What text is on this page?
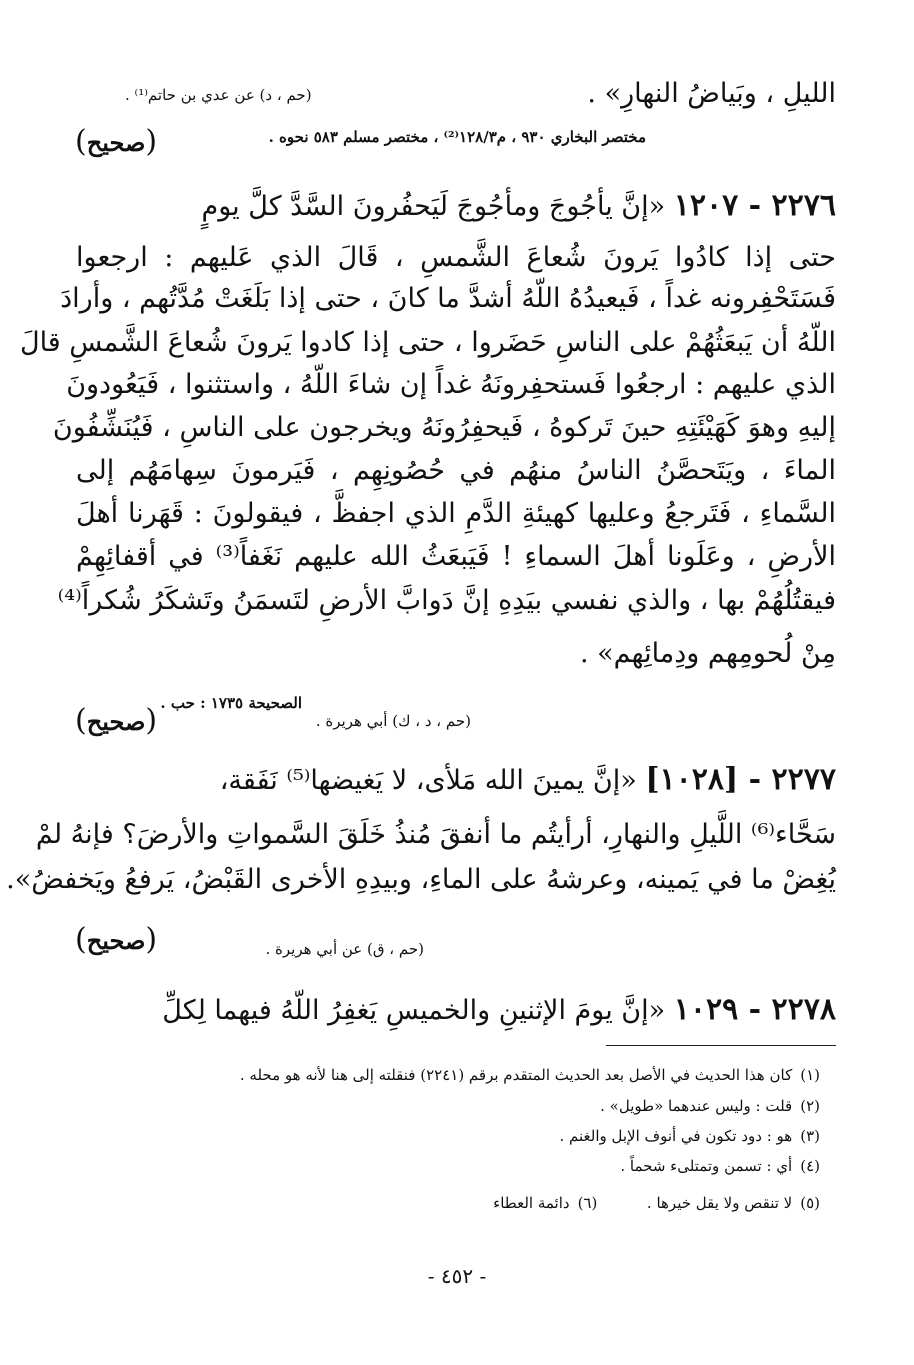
الليلِ ، وبَياضُ النهارِ» .
(حم ، د) عن عدي بن حاتم⁽¹⁾ .
مختصر البخاري ٩٣٠ ، م١٢٨/٣⁽²⁾ ، مختصر مسلم ٥٨٣ نحوه .
(صحيح)
٢٢٧٦ - ١٢٠٧ «إنَّ يأجُوجَ ومأجُوجَ لَيَحفُرونَ السَّدَّ كلَّ يومٍ
حتى إذا كادُوا يَرونَ شُعاعَ الشَّمسِ ، قَالَ الذي عَليهم : ارجعوا
فَسَتَحْفِرونه غداً ، فَيعيدُهُ اللّهُ أشدَّ ما كانَ ، حتى إذا بَلَغَتْ مُدَّتُهم ، وأرادَ
اللّهُ أن يَبعَثُهُمْ على الناسِ حَضَروا ، حتى إذا كادوا يَرونَ شُعاعَ الشَّمسِ قالَ
الذي عليهم : ارجعُوا فَستحفِرونَهُ غداً إن شاءَ اللّهُ ، واستثنوا ، فَيَعُودونَ
إليهِ وهوَ كَهَيْئَتِهِ حينَ تَركوهُ ، فَيحفِرُونَهُ ويخرجون على الناسِ ، فَيُنَشِّفُونَ
الماءَ ، ويَتَحصَّنُ الناسُ منهُم في حُصُونِهِم ، فَيَرمونَ سِهامَهُم إلى
السَّماءِ ، فَتَرجعُ وعليها كهيئةِ الدَّمِ الذي اجفظَّ ، فيقولونَ : قَهَرنا أهلَ
الأرضِ ، وعَلَونا أهلَ السماءِ ! فَيَبعَثُ الله عليهم نَغَفاً⁽³⁾ في أقفائِهِمْ
فيقتُلُهُمْ بها ، والذي نفسي بيَدِهِ إنَّ دَوابَّ الأرضِ لتَسمَنُ وتَشكَرُ شُكراً⁽⁴⁾
مِنْ لُحومِهم ودِمائِهم» .
الصحيحة ١٧٣٥ : حب .
(حم ، د ، ك) أبي هريرة .
(صحيح)
٢٢٧٧ - [١٠٢٨] «إنَّ يمينَ الله مَلأى، لا يَغيضها⁽⁵⁾ نَفَقة،
سَحَّاء⁽⁶⁾ اللَّيلِ والنهارِ، أرأيتُم ما أنفقَ مُنذُ خَلَقَ السَّمواتِ والأرضَ؟ فإنهُ لمْ
يُغِضْ ما في يَمينه، وعرشهُ على الماءِ، وبيدِهِ الأخرى القَبْضُ، يَرفعُ ويَخفضُ».
(حم ، ق) عن أبي هريرة .
(صحيح)
٢٢٧٨ - ١٠٢٩ «إنَّ يومَ الإثنينِ والخميسِ يَغفِرُ اللّهُ فيهما لِكلِّ
(١)كان هذا الحديث في الأصل بعد الحديث المتقدم برقم (٢٢٤١) فنقلته إلى هنا لأنه هو محله .
(٢)قلت : وليس عندهما «طويل» .
(٣)هو : دود تكون في أنوف الإبل والغنم .
(٤)أي : تسمن وتمتلىء شحماً .
(٥)لا تنقص ولا يقل خيرها .  (٦)دائمة العطاء
- ٤٥٢ -
